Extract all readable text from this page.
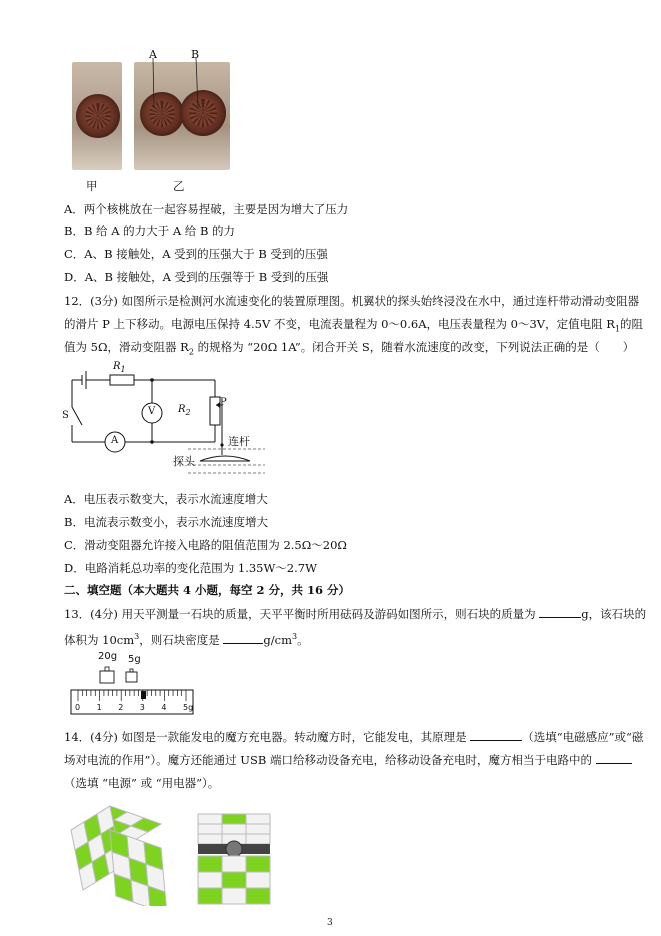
A	B
甲	乙
A．两个核桃放在一起容易捏破，主要是因为增大了压力
B．B 给 A 的力大于 A 给 B 的力
C．A、B 接触处，A 受到的压强大于 B 受到的压强
D．A、B 接触处，A 受到的压强等于 B 受到的压强
12．(3分) 如图所示是检测河水流速变化的装置原理图。机翼状的探头始终浸没在水中，通过连杆带动滑动变阻器
的滑片 P 上下移动。电源电压保持 4.5V 不变，电流表量程为 0～0.6A，电压表量程为 0～3V，定值电阻 $R_1$的阻
值为 5Ω，滑动变阻器 $R_2$ 的规格为 “20Ω 1A”。闭合开关 S，随着水流速度的改变，下列说法正确的是（　　）
$R_1$
S	V
A
$R_2$
P
连杆
探头
A．电压表示数变大，表示水流速度增大
B．电流表示数变小，表示水流速度增大
C．滑动变阻器允许接入电路的阻值范围为 2.5Ω～20Ω
D．电路消耗总功率的变化范围为 1.35W～2.7W
二、填空题（本大题共 4 小题，每空 2 分，共 16 分）
13．(4分) 用天平测量一石块的质量，天平平衡时所用砝码及游码如图所示，则石块的质量为	g，该石块的
体积为 $10cm^3$，则石块密度是	$g/cm^3$。
20g 5g
0 1 2 3 4 5g
14．(4分) 如图是一款能发电的魔方充电器。转动魔方时，它能发电，其原理是	（选填“电磁感应”或“磁
场对电流的作用”）。魔方还能通过 USB 端口给移动设备充电，给移动设备充电时，魔方相当于电路中的
（选填 “电源” 或 “用电器”）。
3
